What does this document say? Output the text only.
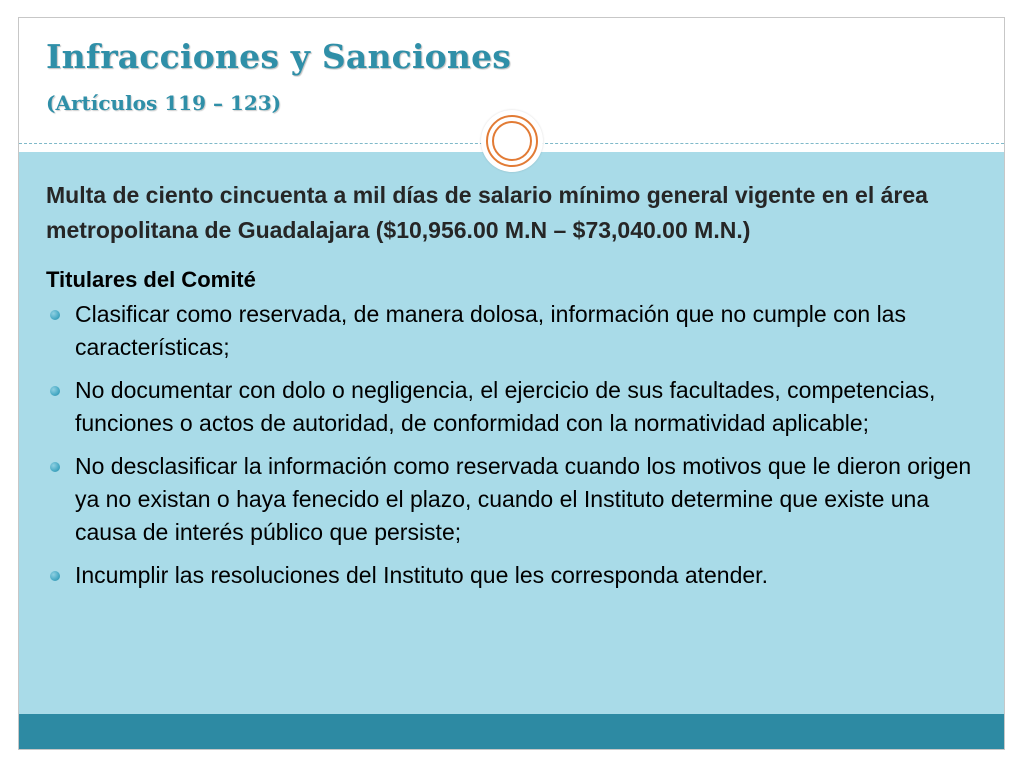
Infracciones y Sanciones
(Artículos 119 – 123)

Multa de ciento cincuenta a mil días de salario mínimo general vigente en el área metropolitana de Guadalajara ($10,956.00 M.N – $73,040.00 M.N.)

Titulares del Comité

Clasificar como reservada, de manera dolosa, información que no cumple con las características;
No documentar con dolo o negligencia, el ejercicio de sus facultades, competencias, funciones o actos de autoridad, de conformidad con la normatividad aplicable;
No desclasificar la información como reservada cuando los motivos que le dieron origen ya no existan o haya fenecido el plazo, cuando el Instituto determine que existe una causa de interés público que persiste;
Incumplir las resoluciones del Instituto que les corresponda atender.
